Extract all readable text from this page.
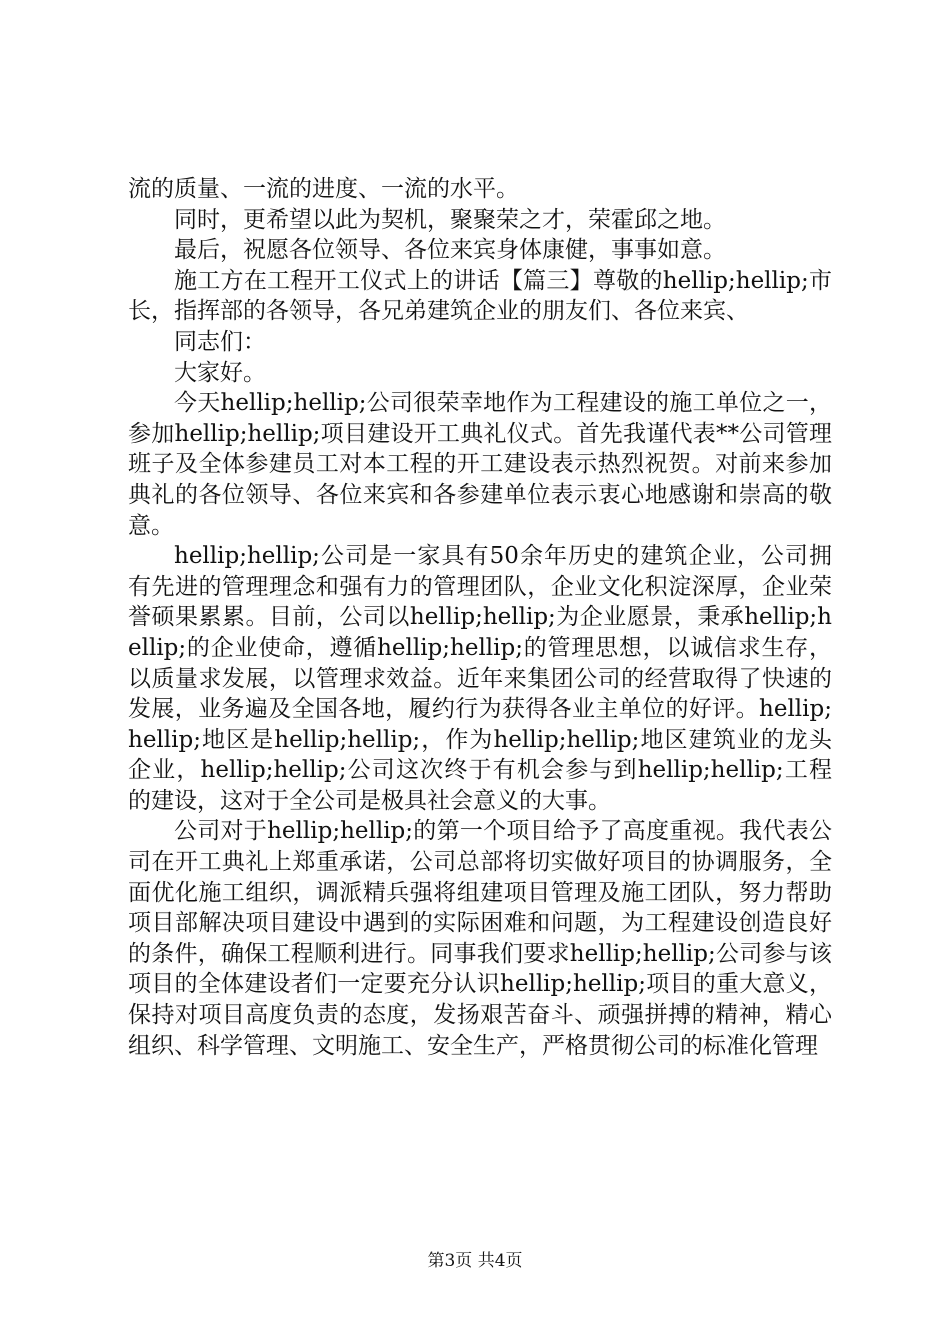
流的质量、一流的进度、一流的水平。

同时，更希望以此为契机，聚聚荣之才，荣霍邱之地。

最后，祝愿各位领导、各位来宾身体康健，事事如意。

施工方在工程开工仪式上的讲话【篇三】尊敬的hellip;hellip;市长，指挥部的各领导，各兄弟建筑企业的朋友们、各位来宾、

同志们：

大家好。

今天hellip;hellip;公司很荣幸地作为工程建设的施工单位之一，参加hellip;hellip;项目建设开工典礼仪式。首先我谨代表**公司管理班子及全体参建员工对本工程的开工建设表示热烈祝贺。对前来参加典礼的各位领导、各位来宾和各参建单位表示衷心地感谢和崇高的敬意。

hellip;hellip;公司是一家具有50余年历史的建筑企业，公司拥有先进的管理理念和强有力的管理团队，企业文化积淀深厚，企业荣誉硕果累累。目前，公司以hellip;hellip;为企业愿景，秉承hellip;hellip;的企业使命，遵循hellip;hellip;的管理思想，以诚信求生存，以质量求发展，以管理求效益。近年来集团公司的经营取得了快速的发展，业务遍及全国各地，履约行为获得各业主单位的好评。hellip;hellip;地区是hellip;hellip;，作为hellip;hellip;地区建筑业的龙头企业，hellip;hellip;公司这次终于有机会参与到hellip;hellip;工程的建设，这对于全公司是极具社会意义的大事。

公司对于hellip;hellip;的第一个项目给予了高度重视。我代表公司在开工典礼上郑重承诺，公司总部将切实做好项目的协调服务，全面优化施工组织，调派精兵强将组建项目管理及施工团队，努力帮助项目部解决项目建设中遇到的实际困难和问题，为工程建设创造良好的条件，确保工程顺利进行。同事我们要求hellip;hellip;公司参与该项目的全体建设者们一定要充分认识hellip;hellip;项目的重大意义，保持对项目高度负责的态度，发扬艰苦奋斗、顽强拼搏的精神，精心组织、科学管理、文明施工、安全生产，严格贯彻公司的标准化管理

第3页 共4页
